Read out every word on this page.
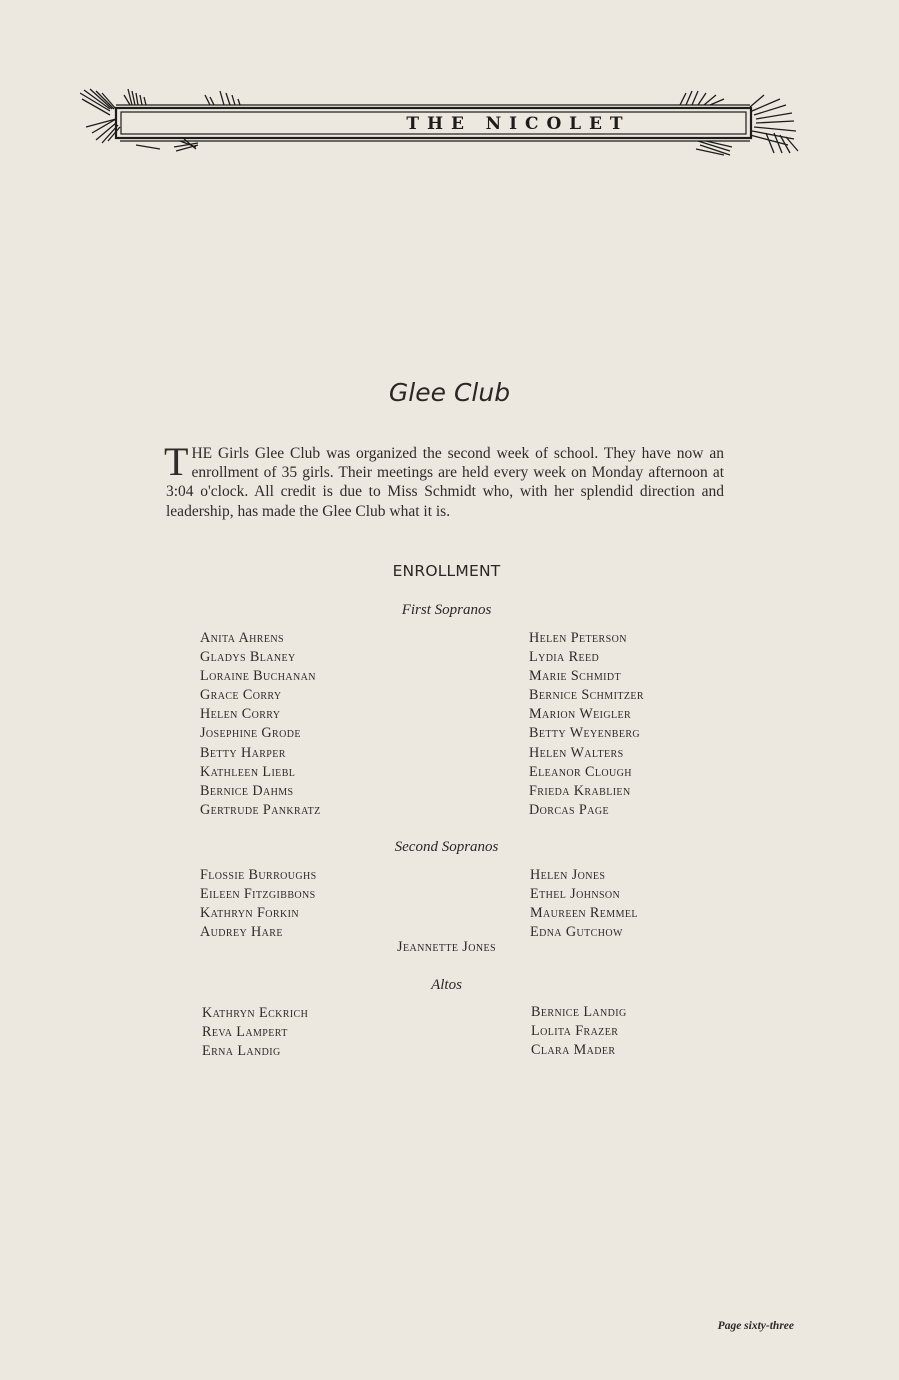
T H E   N I C O L E T
Glee Club
THE Girls Glee Club was organized the second week of school. They have now an enrollment of 35 girls. Their meetings are held every week on Monday afternoon at 3:04 o'clock. All credit is due to Miss Schmidt who, with her splendid direction and leadership, has made the Glee Club what it is.
ENROLLMENT
First Sopranos
Anita Ahrens
Gladys Blaney
Loraine Buchanan
Grace Corry
Helen Corry
Josephine Grode
Betty Harper
Kathleen Liebl
Bernice Dahms
Gertrude Pankratz
Helen Peterson
Lydia Reed
Marie Schmidt
Bernice Schmitzer
Marion Weigler
Betty Weyenberg
Helen Walters
Eleanor Clough
Frieda Krablien
Dorcas Page
Second Sopranos
Flossie Burroughs
Eileen Fitzgibbons
Kathryn Forkin
Audrey Hare
Helen Jones
Ethel Johnson
Maureen Remmel
Edna Gutchow
Jeannette Jones
Altos
Kathryn Eckrich
Reva Lampert
Erna Landig
Bernice Landig
Lolita Frazer
Clara Mader
Page sixty-three
